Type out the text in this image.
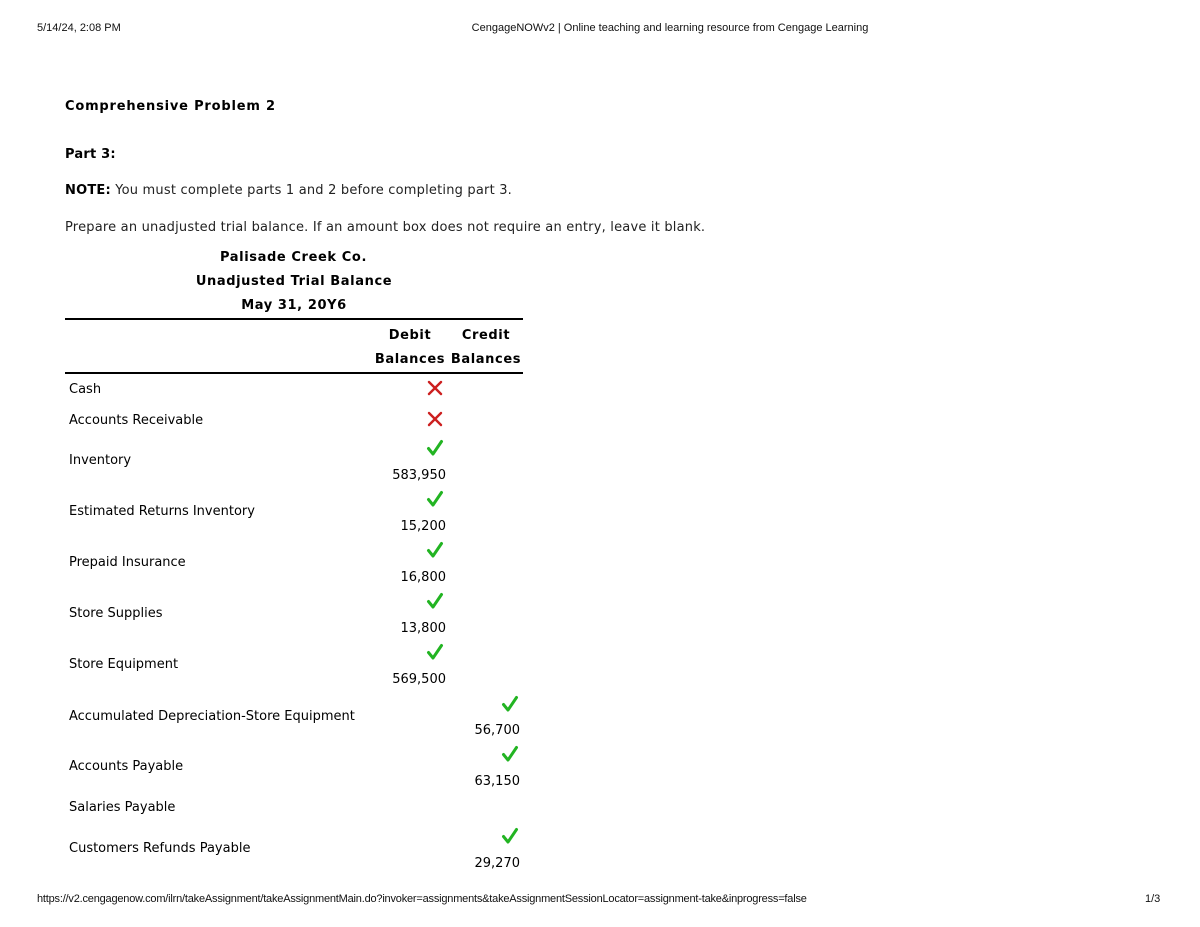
5/14/24, 2:08 PM	CengageNOWv2 | Online teaching and learning resource from Cengage Learning
Comprehensive Problem 2
Part 3:
NOTE: You must complete parts 1 and 2 before completing part 3.
Prepare an unadjusted trial balance. If an amount box does not require an entry, leave it blank.
Palisade Creek Co.
Unadjusted Trial Balance
May 31, 20Y6
Debit
Balances
Credit
Balances
Cash
Accounts Receivable
Inventory
583,950
Estimated Returns Inventory
15,200
Prepaid Insurance
16,800
Store Supplies
13,800
Store Equipment
569,500
Accumulated Depreciation-Store Equipment
56,700
Accounts Payable
63,150
Salaries Payable
Customers Refunds Payable
29,270
https://v2.cengagenow.com/ilrn/takeAssignment/takeAssignmentMain.do?invoker=assignments&takeAssignmentSessionLocator=assignment-take&inprogress=false	1/3
